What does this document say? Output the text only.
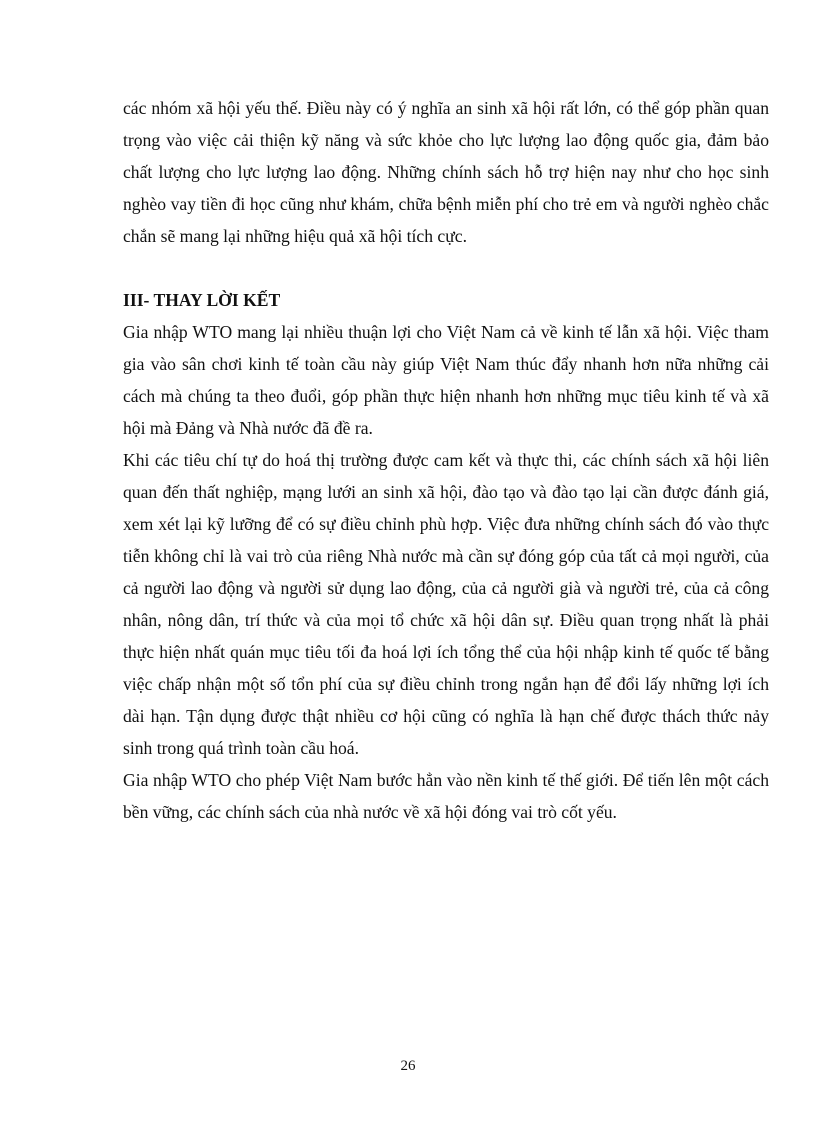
các nhóm xã hội yếu thế. Điều này có ý nghĩa an sinh xã hội rất lớn, có thể góp phần quan trọng vào việc cải thiện kỹ năng và sức khỏe cho lực lượng lao động quốc gia, đảm bảo chất lượng cho lực lượng lao động. Những chính sách hỗ trợ hiện nay như cho học sinh nghèo vay tiền đi học cũng như khám, chữa bệnh miễn phí cho trẻ em và người nghèo chắc chắn sẽ mang lại những hiệu quả xã hội tích cực.

III- THAY LỜI KẾT

Gia nhập WTO mang lại nhiều thuận lợi cho Việt Nam cả về kinh tế lẫn xã hội. Việc tham gia vào sân chơi kinh tế toàn cầu này giúp Việt Nam thúc đẩy nhanh hơn nữa những cải cách mà chúng ta theo đuổi, góp phần thực hiện nhanh hơn những mục tiêu kinh tế và xã hội mà Đảng và Nhà nước đã đề ra.

Khi các tiêu chí tự do hoá thị trường được cam kết và thực thi, các chính sách xã hội liên quan đến thất nghiệp, mạng lưới an sinh xã hội, đào tạo và đào tạo lại cần được đánh giá, xem xét lại kỹ lưỡng để có sự điều chỉnh phù hợp. Việc đưa những chính sách đó vào thực tiễn không chỉ là vai trò của riêng Nhà nước mà cần sự đóng góp của tất cả mọi người, của cả người lao động và người sử dụng lao động, của cả người già và người trẻ, của cả công nhân, nông dân, trí thức và của mọi tổ chức xã hội dân sự. Điều quan trọng nhất là phải thực hiện nhất quán mục tiêu tối đa hoá lợi ích tổng thể của hội nhập kinh tế quốc tế bằng việc chấp nhận một số tổn phí của sự điều chỉnh trong ngắn hạn để đổi lấy những lợi ích dài hạn. Tận dụng được thật nhiều cơ hội cũng có nghĩa là hạn chế được thách thức nảy sinh trong quá trình toàn cầu hoá.

Gia nhập WTO cho phép Việt Nam bước hẳn vào nền kinh tế thế giới. Để tiến lên một cách bền vững, các chính sách của nhà nước về xã hội đóng vai trò cốt yếu.

26
